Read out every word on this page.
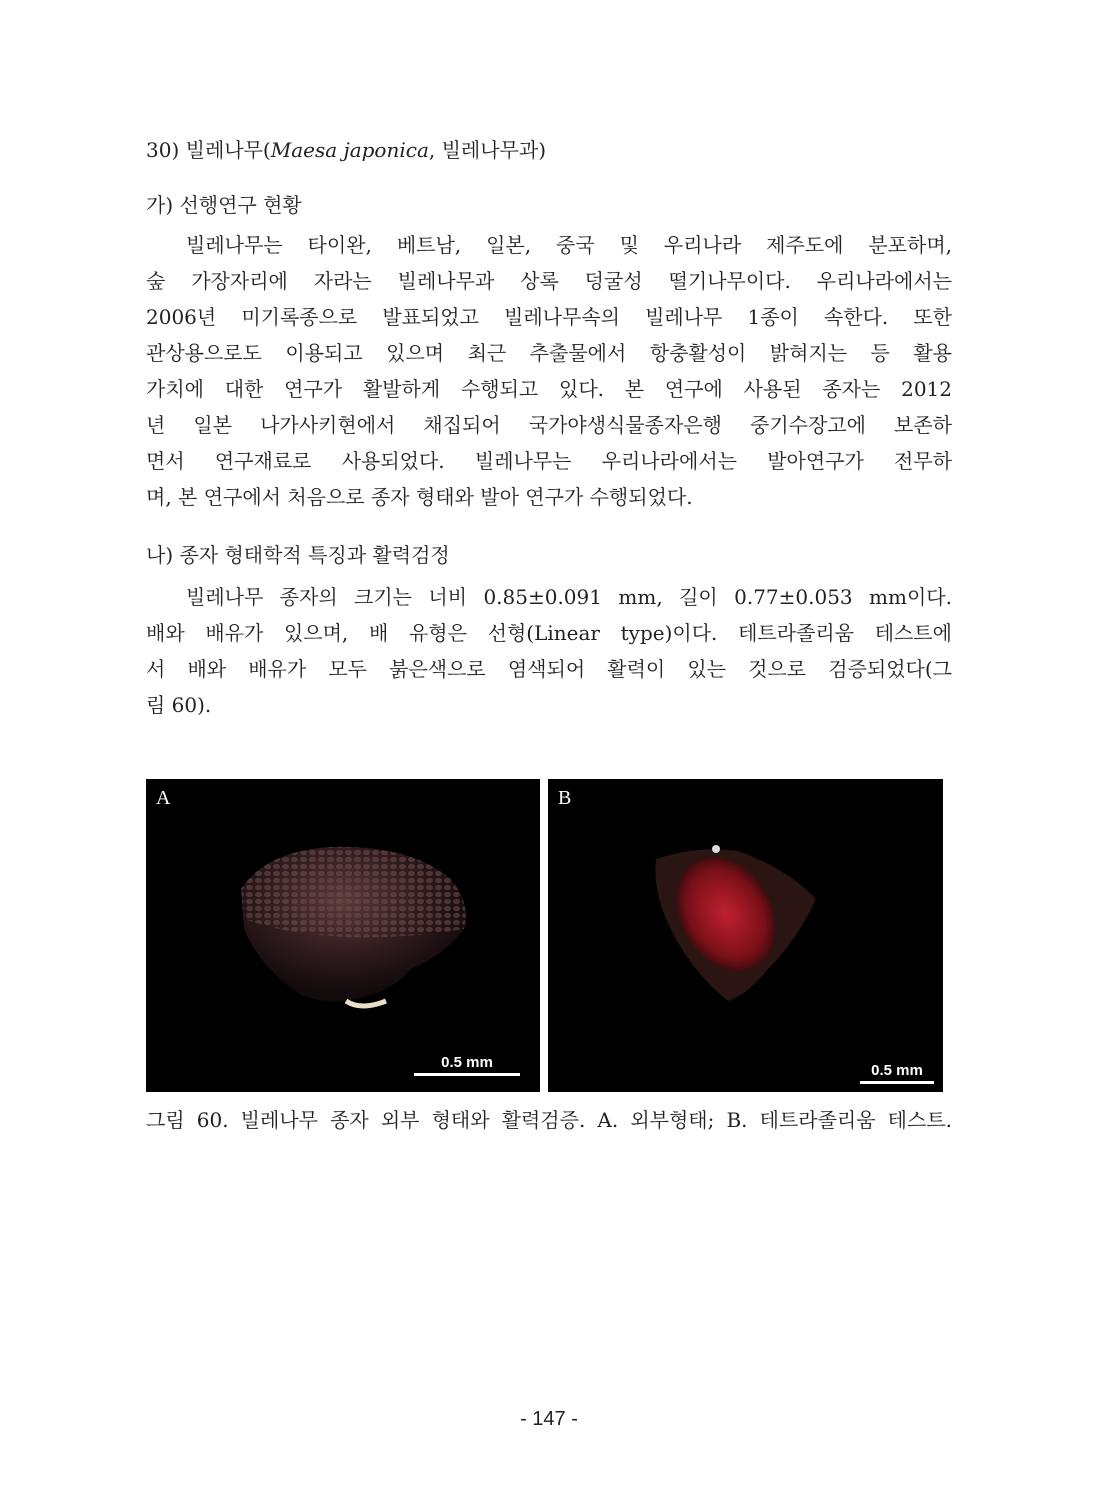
30) 빌레나무(Maesa japonica, 빌레나무과)
가) 선행연구 현황
빌레나무는 타이완, 베트남, 일본, 중국 및 우리나라 제주도에 분포하며,
숲 가장자리에 자라는 빌레나무과 상록 덩굴성 떨기나무이다. 우리나라에서는
2006년 미기록종으로 발표되었고 빌레나무속의 빌레나무 1종이 속한다. 또한
관상용으로도 이용되고 있으며 최근 추출물에서 항충활성이 밝혀지는 등 활용
가치에 대한 연구가 활발하게 수행되고 있다. 본 연구에 사용된 종자는 2012
년 일본 나가사키현에서 채집되어 국가야생식물종자은행 중기수장고에 보존하
면서 연구재료로 사용되었다. 빌레나무는 우리나라에서는 발아연구가 전무하
며, 본 연구에서 처음으로 종자 형태와 발아 연구가 수행되었다.
나) 종자 형태학적 특징과 활력검정
빌레나무 종자의 크기는 너비 0.85±0.091 mm, 길이 0.77±0.053 mm이다.
배와 배유가 있으며, 배 유형은 선형(Linear type)이다. 테트라졸리움 테스트에
서 배와 배유가 모두 붉은색으로 염색되어 활력이 있는 것으로 검증되었다(그
림 60).
A
0.5 mm
B
0.5 mm
그림 60. 빌레나무 종자 외부 형태와 활력검증. A. 외부형태; B. 테트라졸리움 테스트.
- 147 -
